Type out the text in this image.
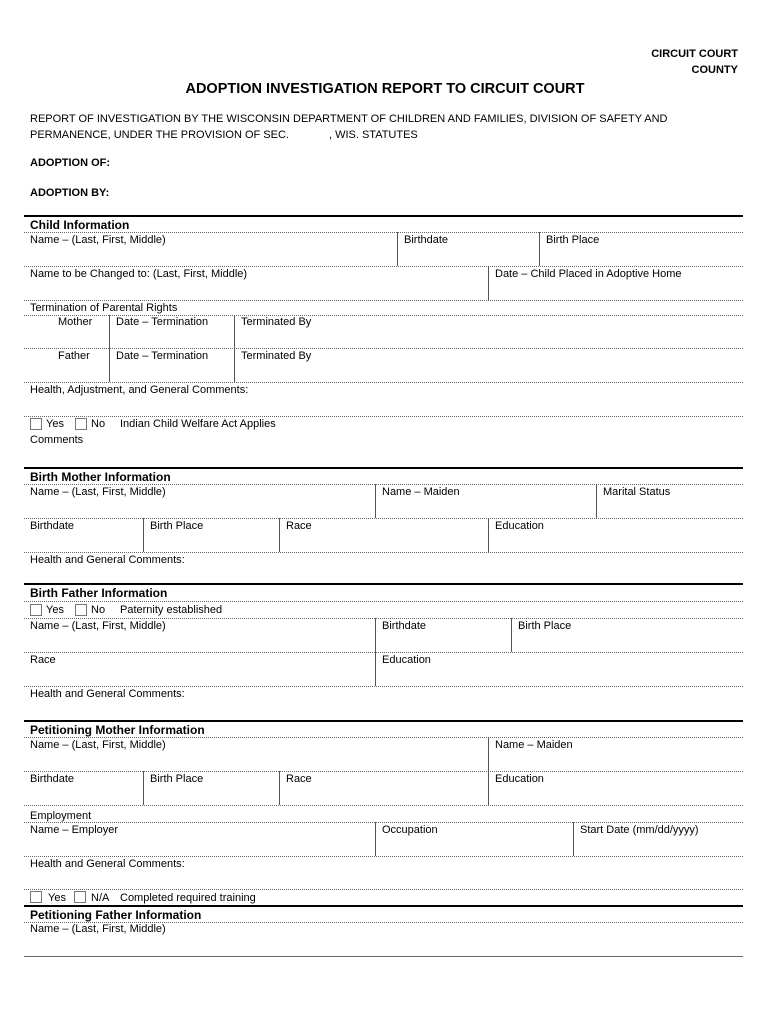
CIRCUIT COURT
COUNTY
ADOPTION INVESTIGATION REPORT TO CIRCUIT COURT
REPORT OF INVESTIGATION BY THE WISCONSIN DEPARTMENT OF CHILDREN AND FAMILIES, DIVISION OF SAFETY AND
PERMANENCE, UNDER THE PROVISION OF SEC.	, WIS. STATUTES
ADOPTION OF:
ADOPTION BY:
Child Information
Name – (Last, First, Middle)	Birthdate	Birth Place
Name to be Changed to: (Last, First, Middle)	Date – Child Placed in Adoptive Home
Termination of Parental Rights
Mother Date – Termination	Terminated By
Father Date – Termination	Terminated By
Health, Adjustment, and General Comments:
Yes No Indian Child Welfare Act Applies
Comments
Birth Mother Information
Name – (Last, First, Middle)	Name – Maiden	Marital Status
Birthdate	Birth Place	Race	Education
Health and General Comments:
Birth Father Information
Yes No Paternity established
Name – (Last, First, Middle)	Birthdate	Birth Place
Race	Education
Health and General Comments:
Petitioning Mother Information
Name – (Last, First, Middle)	Name – Maiden
Birthdate	Birth Place	Race	Education
Employment
Name – Employer	Occupation	Start Date (mm/dd/yyyy)
Health and General Comments:
Yes N/A Completed required training
Petitioning Father Information
Name – (Last, First, Middle)
